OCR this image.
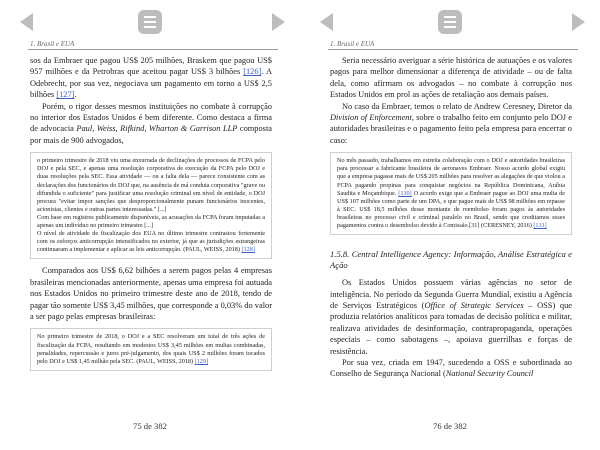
1. Brasil e EUA

sos da Embraer que pagou US$ 205 milhões, Braskem que pagou US$ 957 milhões e da Petrobras que aceitou pagar US$ 3 bilhões [126]. A Odebrecht, por sua vez, negociava um pagamento em torno a US$ 2,5 bilhões [127].

Porém, o rigor desses mesmos instituições no combate à corrupção no interior dos Estados Unidos é bem diferente. Como destaca a firma de advocacia Paul, Weiss, Rifkind, Wharton & Garrison LLP composta por mais de 900 advogados,

o primeiro trimestre de 2018 viu uma enxurrada de declinações de processos de FCPA pelo DOJ e pela SEC, e apenas uma resolução corporativa de execução da FCPA pelo DOJ e duas resoluções pela SEC. Essa atividade — ou a falta dela — parece consistente com as declarações dos funcionários do DOJ que, na ausência de má conduta corporativa "grave ou difundida o suficiente" para justificar uma resolução criminal em nível de entidade, o DOJ procura "evitar impor sanções que desproporcionalmente punam funcionários inocentes, acionistas, clientes e outras partes interessadas." [...]

Com base em registros publicamente disponíveis, as acusações da FCPA foram imputadas a apenas um indivíduo no primeiro trimestre [...]

O nível de atividade de fiscalização dos EUA no último trimestre contrastou fortemente com os esforços anticorrupção intensificados no exterior, já que as jurisdições estrangeiras continuaram a implementar e aplicar as leis anticorrupção. (PAUL, WEISS, 2018) [128]

Comparados aos US$ 6,62 bilhões a serem pagos pelas 4 empresas brasileiras mencionadas anteriormente, apenas uma empresa foi autuada nos Estados Unidos no primeiro trimestre deste ano de 2018, tendo de pagar tão somente US$ 3,45 milhões, que corresponde a 0,03% do valor a ser pago pelas empresas brasileiras:

No primeiro trimestre de 2018, o DOJ e a SEC resolveram um total de três ações de fiscalização da FCPA, resultando em modestos US$ 3,45 milhões em multas combinadas, penalidades, repercussão e juros pré-julgamento, dos quais US$ 2 milhões foram tocados pelo DOJ e US$ 1,45 milhão pela SEC. (PAUL, WEISS, 2018) [129]

75 de 382
1. Brasil e EUA

Seria necessário averiguar a série histórica de autuações e os valores pagos para melhor dimensionar a diferença de atividade – ou de falta dela, como afirmam os advogados – no combate à corrupção nos Estados Unidos em prol as ações de retaliação aos demais países.

No caso da Embraer, temos o relato de Andrew Ceresney, Diretor da Division of Enforcement, sobre o trabalho feito em conjunto pelo DOJ e autoridades brasileiras e o pagamento feito pela empresa para encerrar o caso:

No mês passado, trabalhamos em estreita colaboração com o DOJ e autoridades brasileiras para processar a fabricante brasileira de aeronaves Embraer. Nosso acordo global exigiu que a empresa pagasse mais de US$ 205 milhões para resolver as alegações de que violou a FCPA pagando propinas para conquistar negócios na República Dominicana, Arábia Saudita e Moçambique. [130] O acordo exige que a Embraer pague ao DOJ uma multa de US$ 107 milhões como parte de um DPA, e que pague mais de US$ 98 milhões em repasse à SEC. US$ 18,5 milhões desse montante de reembolso foram pagos às autoridades brasileiras no processo civil e criminal paralelo no Brasil, sendo que creditamos esses pagamentos contra o desembolso devido à Comissão.[31] (CERESNEY, 2016) [131]

1.5.8. Central Intelligence Agency: Informação, Análise Estratégica e Ação

Os Estados Unidos possuem várias agências no setor de inteligência. No período da Segunda Guerra Mundial, existiu a Agência de Serviços Estratégicos (Office of Strategic Services – OSS) que produzia relatórios analíticos para tomadas de decisão política e militar, realizava atividades de desinformação, contrapropaganda, operações especiais – como sabotagens –, apoiava guerrilhas e forças de resistência.

Por sua vez, criada em 1947, sucedendo a OSS e subordinada ao Conselho de Segurança Nacional (National Security Council

76 de 382
